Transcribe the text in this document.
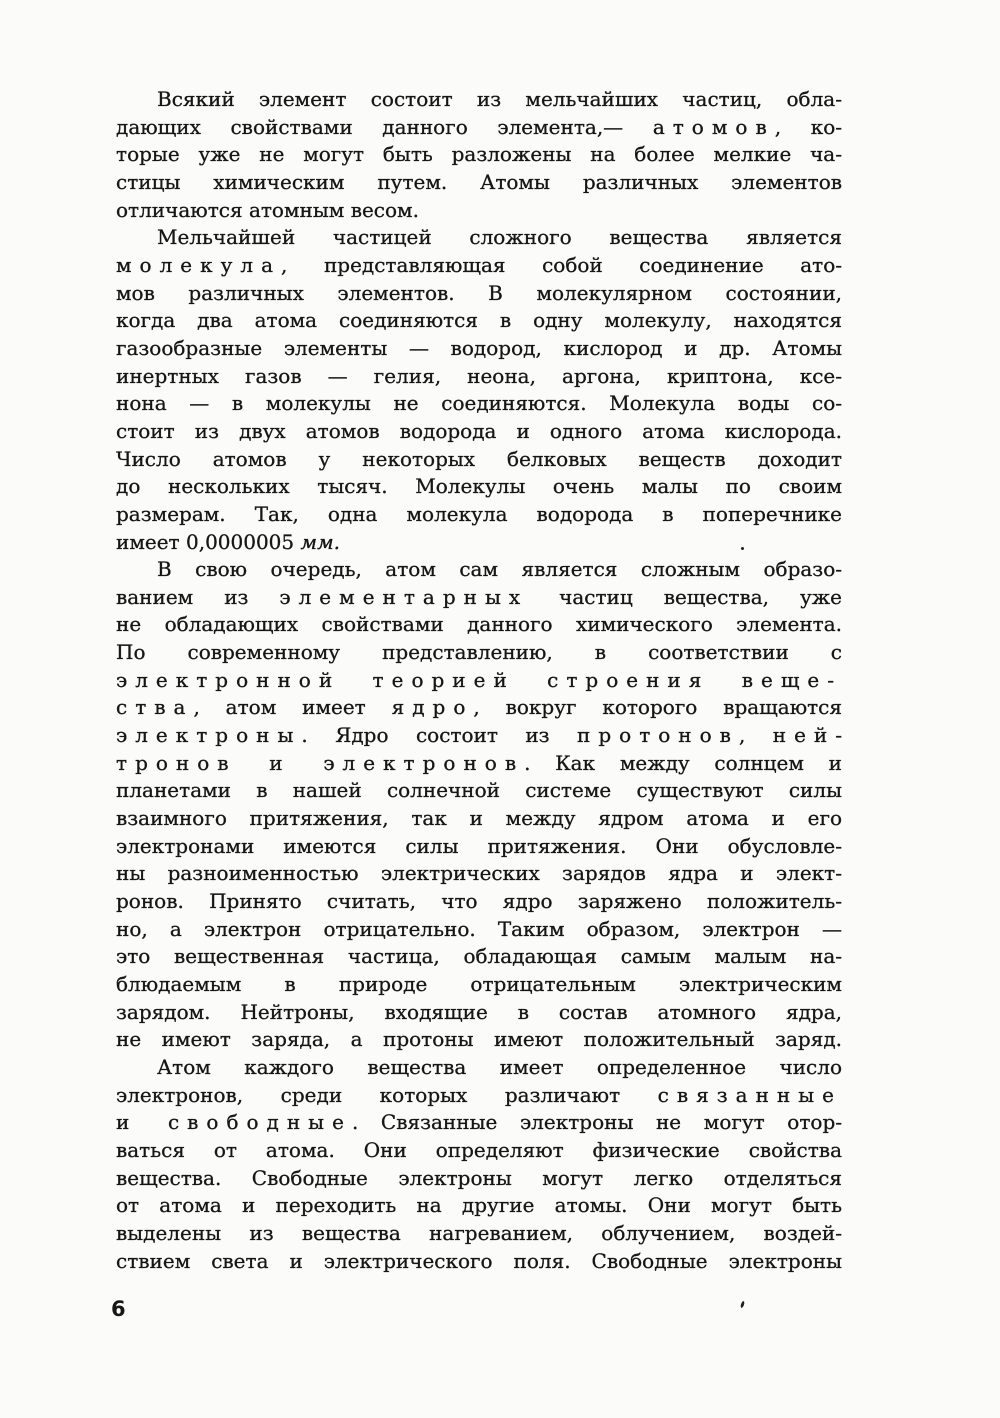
Всякий элемент состоит из мельчайших частиц, обла-
дающих свойствами данного элемента,— атомов, ко-
торые уже не могут быть разложены на более мелкие ча-
стицы химическим путем. Атомы различных элементов
отличаются атомным весом.
Мельчайшей частицей сложного вещества является
молекула, представляющая собой соединение ато-
мов различных элементов. В молекулярном состоянии,
когда два атома соединяются в одну молекулу, находятся
газообразные элементы — водород, кислород и др. Атомы
инертных газов — гелия, неона, аргона, криптона, ксе-
нона — в молекулы не соединяются. Молекула воды со-
стоит из двух атомов водорода и одного атома кислорода.
Число атомов у некоторых белковых веществ доходит
до нескольких тысяч. Молекулы очень малы по своим
размерам. Так, одна молекула водорода в поперечнике
имеет 0,0000005 мм.
В свою очередь, атом сам является сложным образо-
ванием из элементарных частиц вещества, уже
не обладающих свойствами данного химического элемента.
По современному представлению, в соответствии с
электронной теорией строения веще-
ства, атом имеет ядро, вокруг которого вращаются
электроны. Ядро состоит из протонов, ней-
тронов и электронов. Как между солнцем и
планетами в нашей солнечной системе существуют силы
взаимного притяжения, так и между ядром атома и его
электронами имеются силы притяжения. Они обусловле-
ны разноименностью электрических зарядов ядра и элект-
ронов. Принято считать, что ядро заряжено положитель-
но, а электрон отрицательно. Таким образом, электрон —
это вещественная частица, обладающая самым малым на-
блюдаемым в природе отрицательным электрическим
зарядом. Нейтроны, входящие в состав атомного ядра,
не имеют заряда, а протоны имеют положительный заряд.
Атом каждого вещества имеет определенное число
электронов, среди которых различают связанные
и свободные. Связанные электроны не могут отор-
ваться от атома. Они определяют физические свойства
вещества. Свободные электроны могут легко отделяться
от атома и переходить на другие атомы. Они могут быть
выделены из вещества нагреванием, облучением, воздей-
ствием света и электрического поля. Свободные электроны
6
